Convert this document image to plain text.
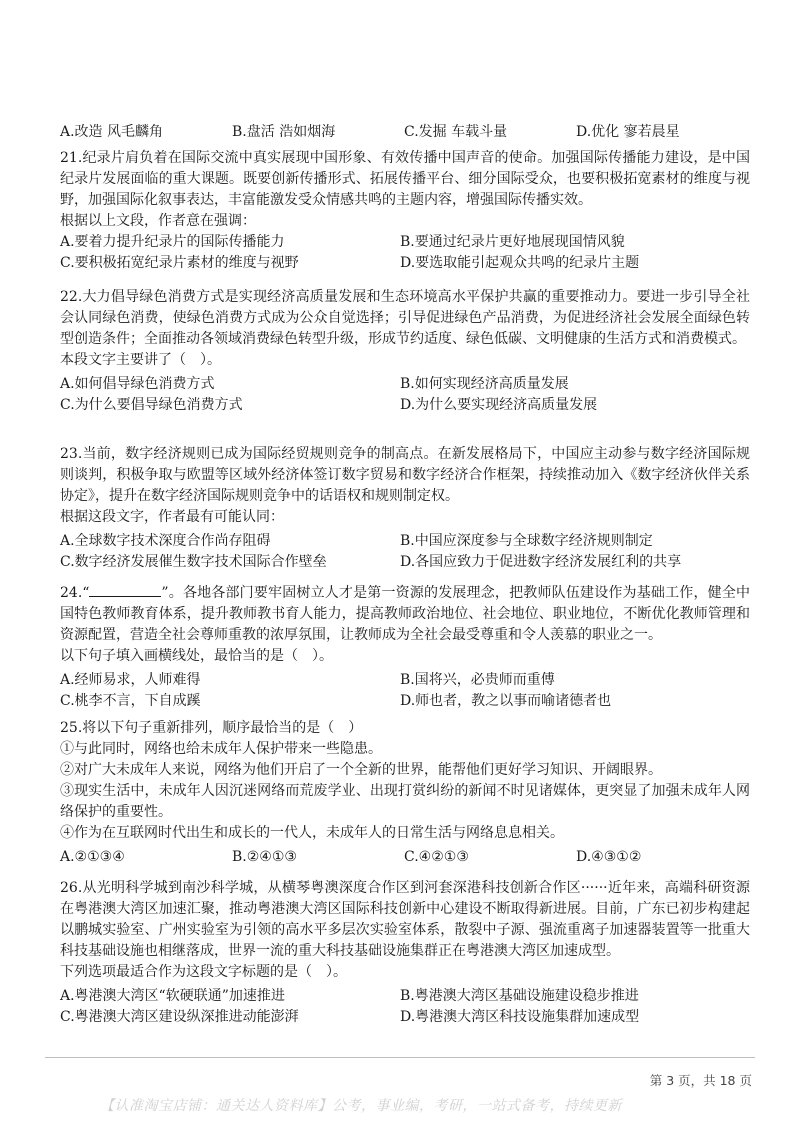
A.改造 风毛麟角	B.盘活 浩如烟海	C.发掘 车载斗量	D.优化 寥若晨星
21.纪录片肩负着在国际交流中真实展现中国形象、有效传播中国声音的使命。加强国际传播能力建设，是中国纪录片发展面临的重大课题。既要创新传播形式、拓展传播平台、细分国际受众，也要积极拓宽素材的维度与视野，加强国际化叙事表达，丰富能激发受众情感共鸣的主题内容，增强国际传播实效。
根据以上文段，作者意在强调：
A.要着力提升纪录片的国际传播能力	B.要通过纪录片更好地展现国情风貌
C.要积极拓宽纪录片素材的维度与视野	D.要选取能引起观众共鸣的纪录片主题
22.大力倡导绿色消费方式是实现经济高质量发展和生态环境高水平保护共赢的重要推动力。要进一步引导全社会认同绿色消费，使绿色消费方式成为公众自觉选择；引导促进绿色产品消费，为促进经济社会发展全面绿色转型创造条件；全面推动各领域消费绿色转型升级，形成节约适度、绿色低碳、文明健康的生活方式和消费模式。
本段文字主要讲了（　）。
A.如何倡导绿色消费方式	B.如何实现经济高质量发展
C.为什么要倡导绿色消费方式	D.为什么要实现经济高质量发展
23.当前，数字经济规则已成为国际经贸规则竞争的制高点。在新发展格局下，中国应主动参与数字经济国际规则谈判，积极争取与欧盟等区域外经济体签订数字贸易和数字经济合作框架，持续推动加入《数字经济伙伴关系协定》，提升在数字经济国际规则竞争中的话语权和规则制定权。
根据这段文字，作者最有可能认同：
A.全球数字技术深度合作尚存阻碍	B.中国应深度参与全球数字经济规则制定
C.数字经济发展催生数字技术国际合作壁垒	D.各国应致力于促进数字经济发展红利的共享
24.“	”。各地各部门要牢固树立人才是第一资源的发展理念，把教师队伍建设作为基础工作，健全中国特色教师教育体系，提升教师教书育人能力，提高教师政治地位、社会地位、职业地位，不断优化教师管理和资源配置，营造全社会尊师重教的浓厚氛围，让教师成为全社会最受尊重和令人羡慕的职业之一。
以下句子填入画横线处，最恰当的是（　）。
A.经师易求，人师难得	B.国将兴，必贵师而重傅
C.桃李不言，下自成蹊	D.师也者，教之以事而喻诸德者也
25.将以下句子重新排列，顺序最恰当的是（　）
①与此同时，网络也给未成年人保护带来一些隐患。
②对广大未成年人来说，网络为他们开启了一个全新的世界，能帮他们更好学习知识、开阔眼界。
③现实生活中，未成年人因沉迷网络而荒废学业、出现打赏纠纷的新闻不时见诸媒体，更突显了加强未成年人网络保护的重要性。
④作为在互联网时代出生和成长的一代人，未成年人的日常生活与网络息息相关。
A.②①③④	B.②④①③	C.④②①③	D.④③①②
26.从光明科学城到南沙科学城，从横琴粤澳深度合作区到河套深港科技创新合作区······近年来，高端科研资源在粤港澳大湾区加速汇聚，推动粤港澳大湾区国际科技创新中心建设不断取得新进展。目前，广东已初步构建起以鹏城实验室、广州实验室为引领的高水平多层次实验室体系，散裂中子源、强流重离子加速器装置等一批重大科技基础设施也相继落成，世界一流的重大科技基础设施集群正在粤港澳大湾区加速成型。
下列选项最适合作为这段文字标题的是（　）。
A.粤港澳大湾区“软硬联通”加速推进	B.粤港澳大湾区基础设施建设稳步推进
C.粤港澳大湾区建设纵深推进动能澎湃	D.粤港澳大湾区科技设施集群加速成型
第 3 页，共 18 页
【认准淘宝店铺：通关达人资料库】公考，事业编，考研，一站式备考，持续更新
